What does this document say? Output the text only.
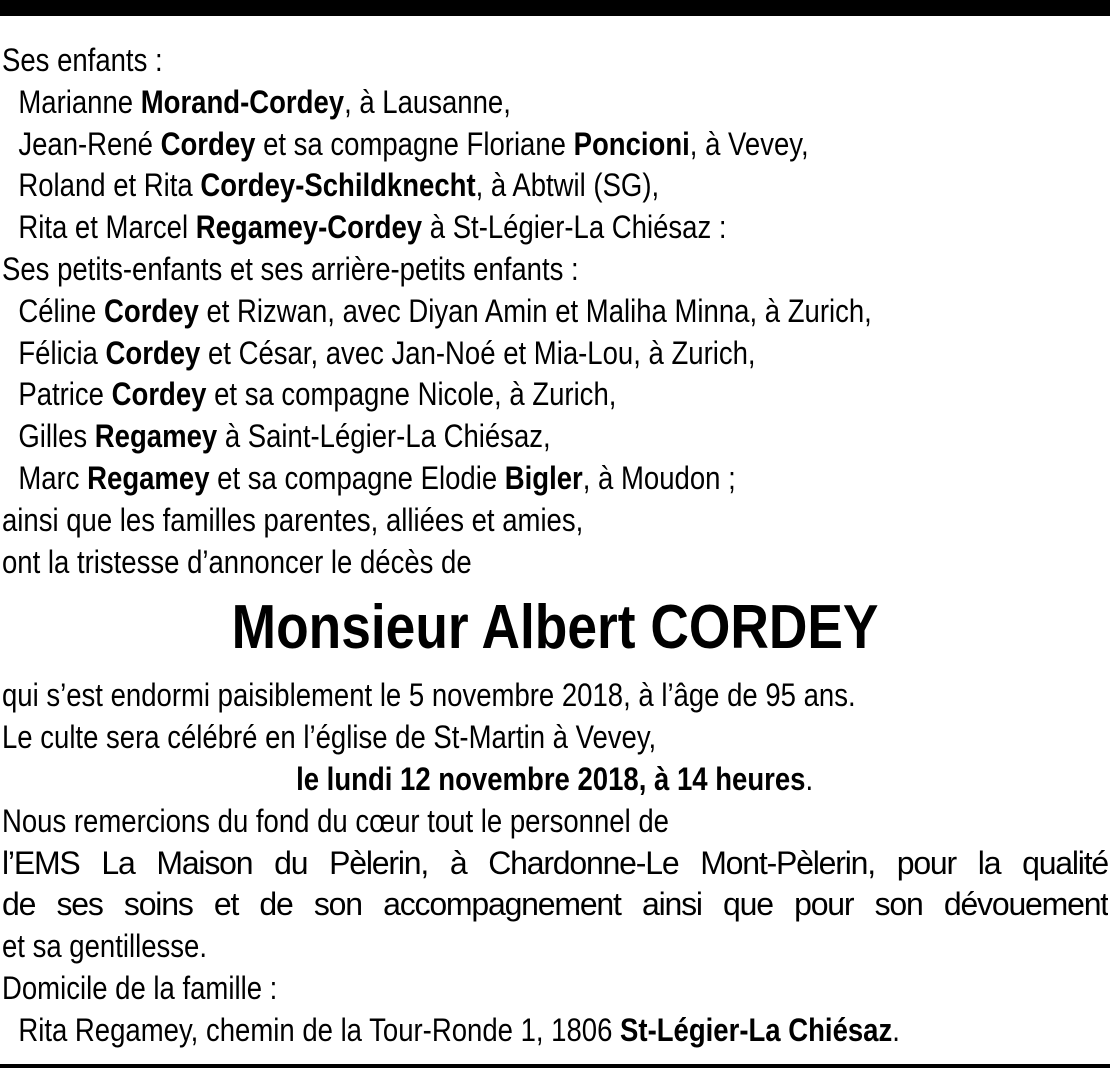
Ses enfants :
Marianne Morand-Cordey, à Lausanne,
Jean-René Cordey et sa compagne Floriane Poncioni, à Vevey,
Roland et Rita Cordey-Schildknecht, à Abtwil (SG),
Rita et Marcel Regamey-Cordey à St-Légier-La Chiésaz :
Ses petits-enfants et ses arrière-petits enfants :
Céline Cordey et Rizwan, avec Diyan Amin et Maliha Minna, à Zurich,
Félicia Cordey et César, avec Jan-Noé et Mia-Lou, à Zurich,
Patrice Cordey et sa compagne Nicole, à Zurich,
Gilles Regamey à Saint-Légier-La Chiésaz,
Marc Regamey et sa compagne Elodie Bigler, à Moudon ;
ainsi que les familles parentes, alliées et amies,
ont la tristesse d’annoncer le décès de
Monsieur Albert CORDEY
qui s’est endormi paisiblement le 5 novembre 2018, à l’âge de 95 ans.
Le culte sera célébré en l’église de St-Martin à Vevey,
le lundi 12 novembre 2018, à 14 heures.
Nous remercions du fond du cœur tout le personnel de
l’EMS La Maison du Pèlerin, à Chardonne-Le Mont-Pèlerin, pour la qualité
de ses soins et de son accompagnement ainsi que pour son dévouement
et sa gentillesse.
Domicile de la famille :
Rita Regamey, chemin de la Tour-Ronde 1, 1806 St-Légier-La Chiésaz.
